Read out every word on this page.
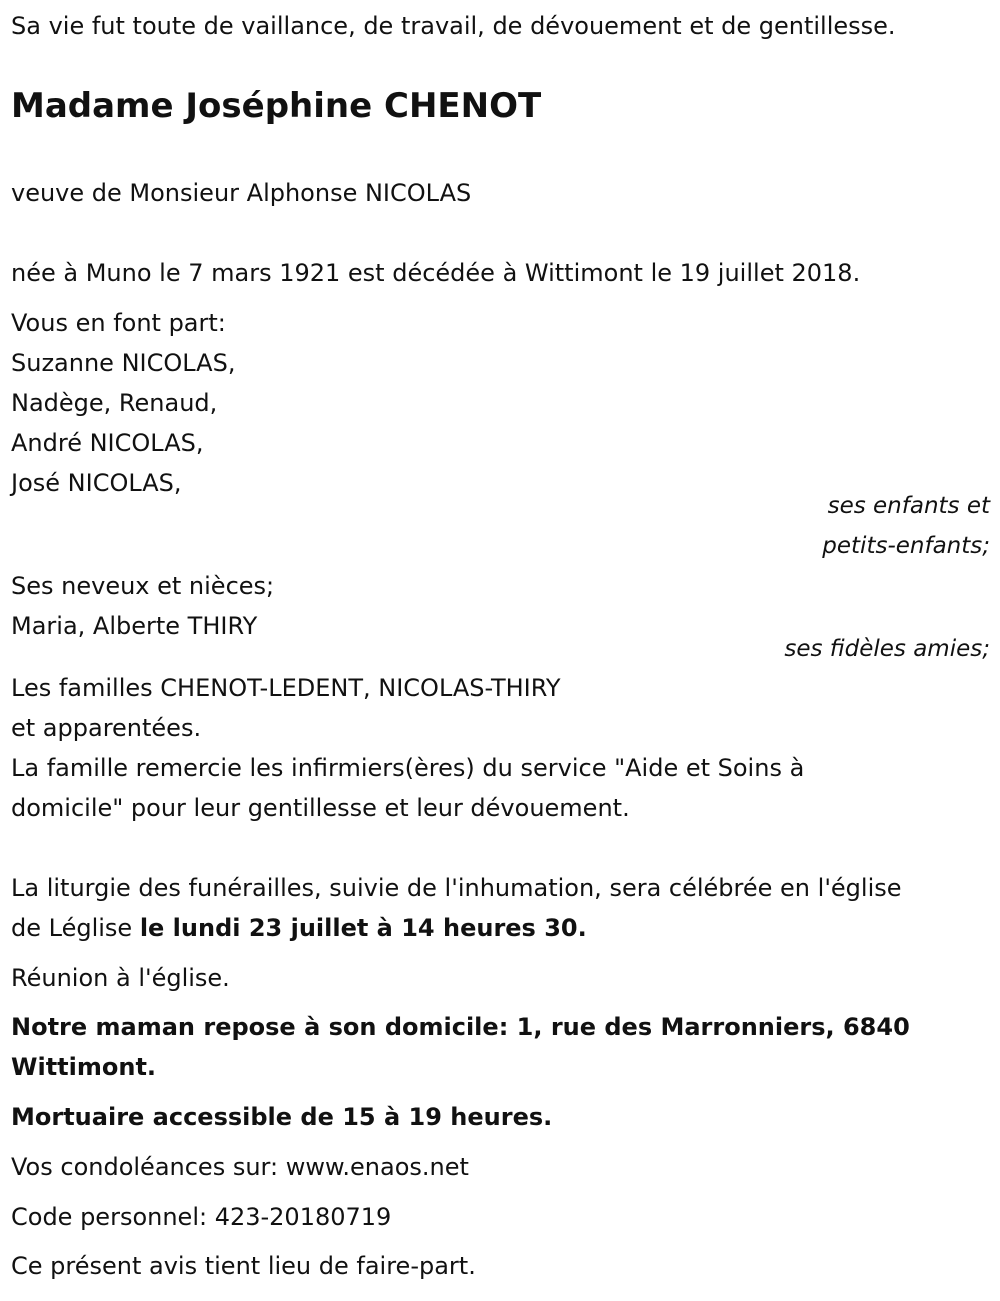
Sa vie fut toute de vaillance, de travail, de dévouement et de gentillesse.
Madame Joséphine CHENOT
veuve de Monsieur Alphonse NICOLAS
née à Muno le 7 mars 1921 est décédée à Wittimont le 19 juillet 2018.
Vous en font part:
Suzanne NICOLAS,
Nadège, Renaud,
André NICOLAS,
José NICOLAS,
ses enfants et
petits-enfants;
Ses neveux et nièces;
Maria, Alberte THIRY
ses fidèles amies;
Les familles CHENOT-LEDENT, NICOLAS-THIRY
et apparentées.
La famille remercie les infirmiers(ères) du service "Aide et Soins à
domicile" pour leur gentillesse et leur dévouement.
La liturgie des funérailles, suivie de l'inhumation, sera célébrée en l'église
de Léglise le lundi 23 juillet à 14 heures 30.
Réunion à l'église.
Notre maman repose à son domicile: 1, rue des Marronniers, 6840
Wittimont.
Mortuaire accessible de 15 à 19 heures.
Vos condoléances sur: www.enaos.net
Code personnel: 423-20180719
Ce présent avis tient lieu de faire-part.
